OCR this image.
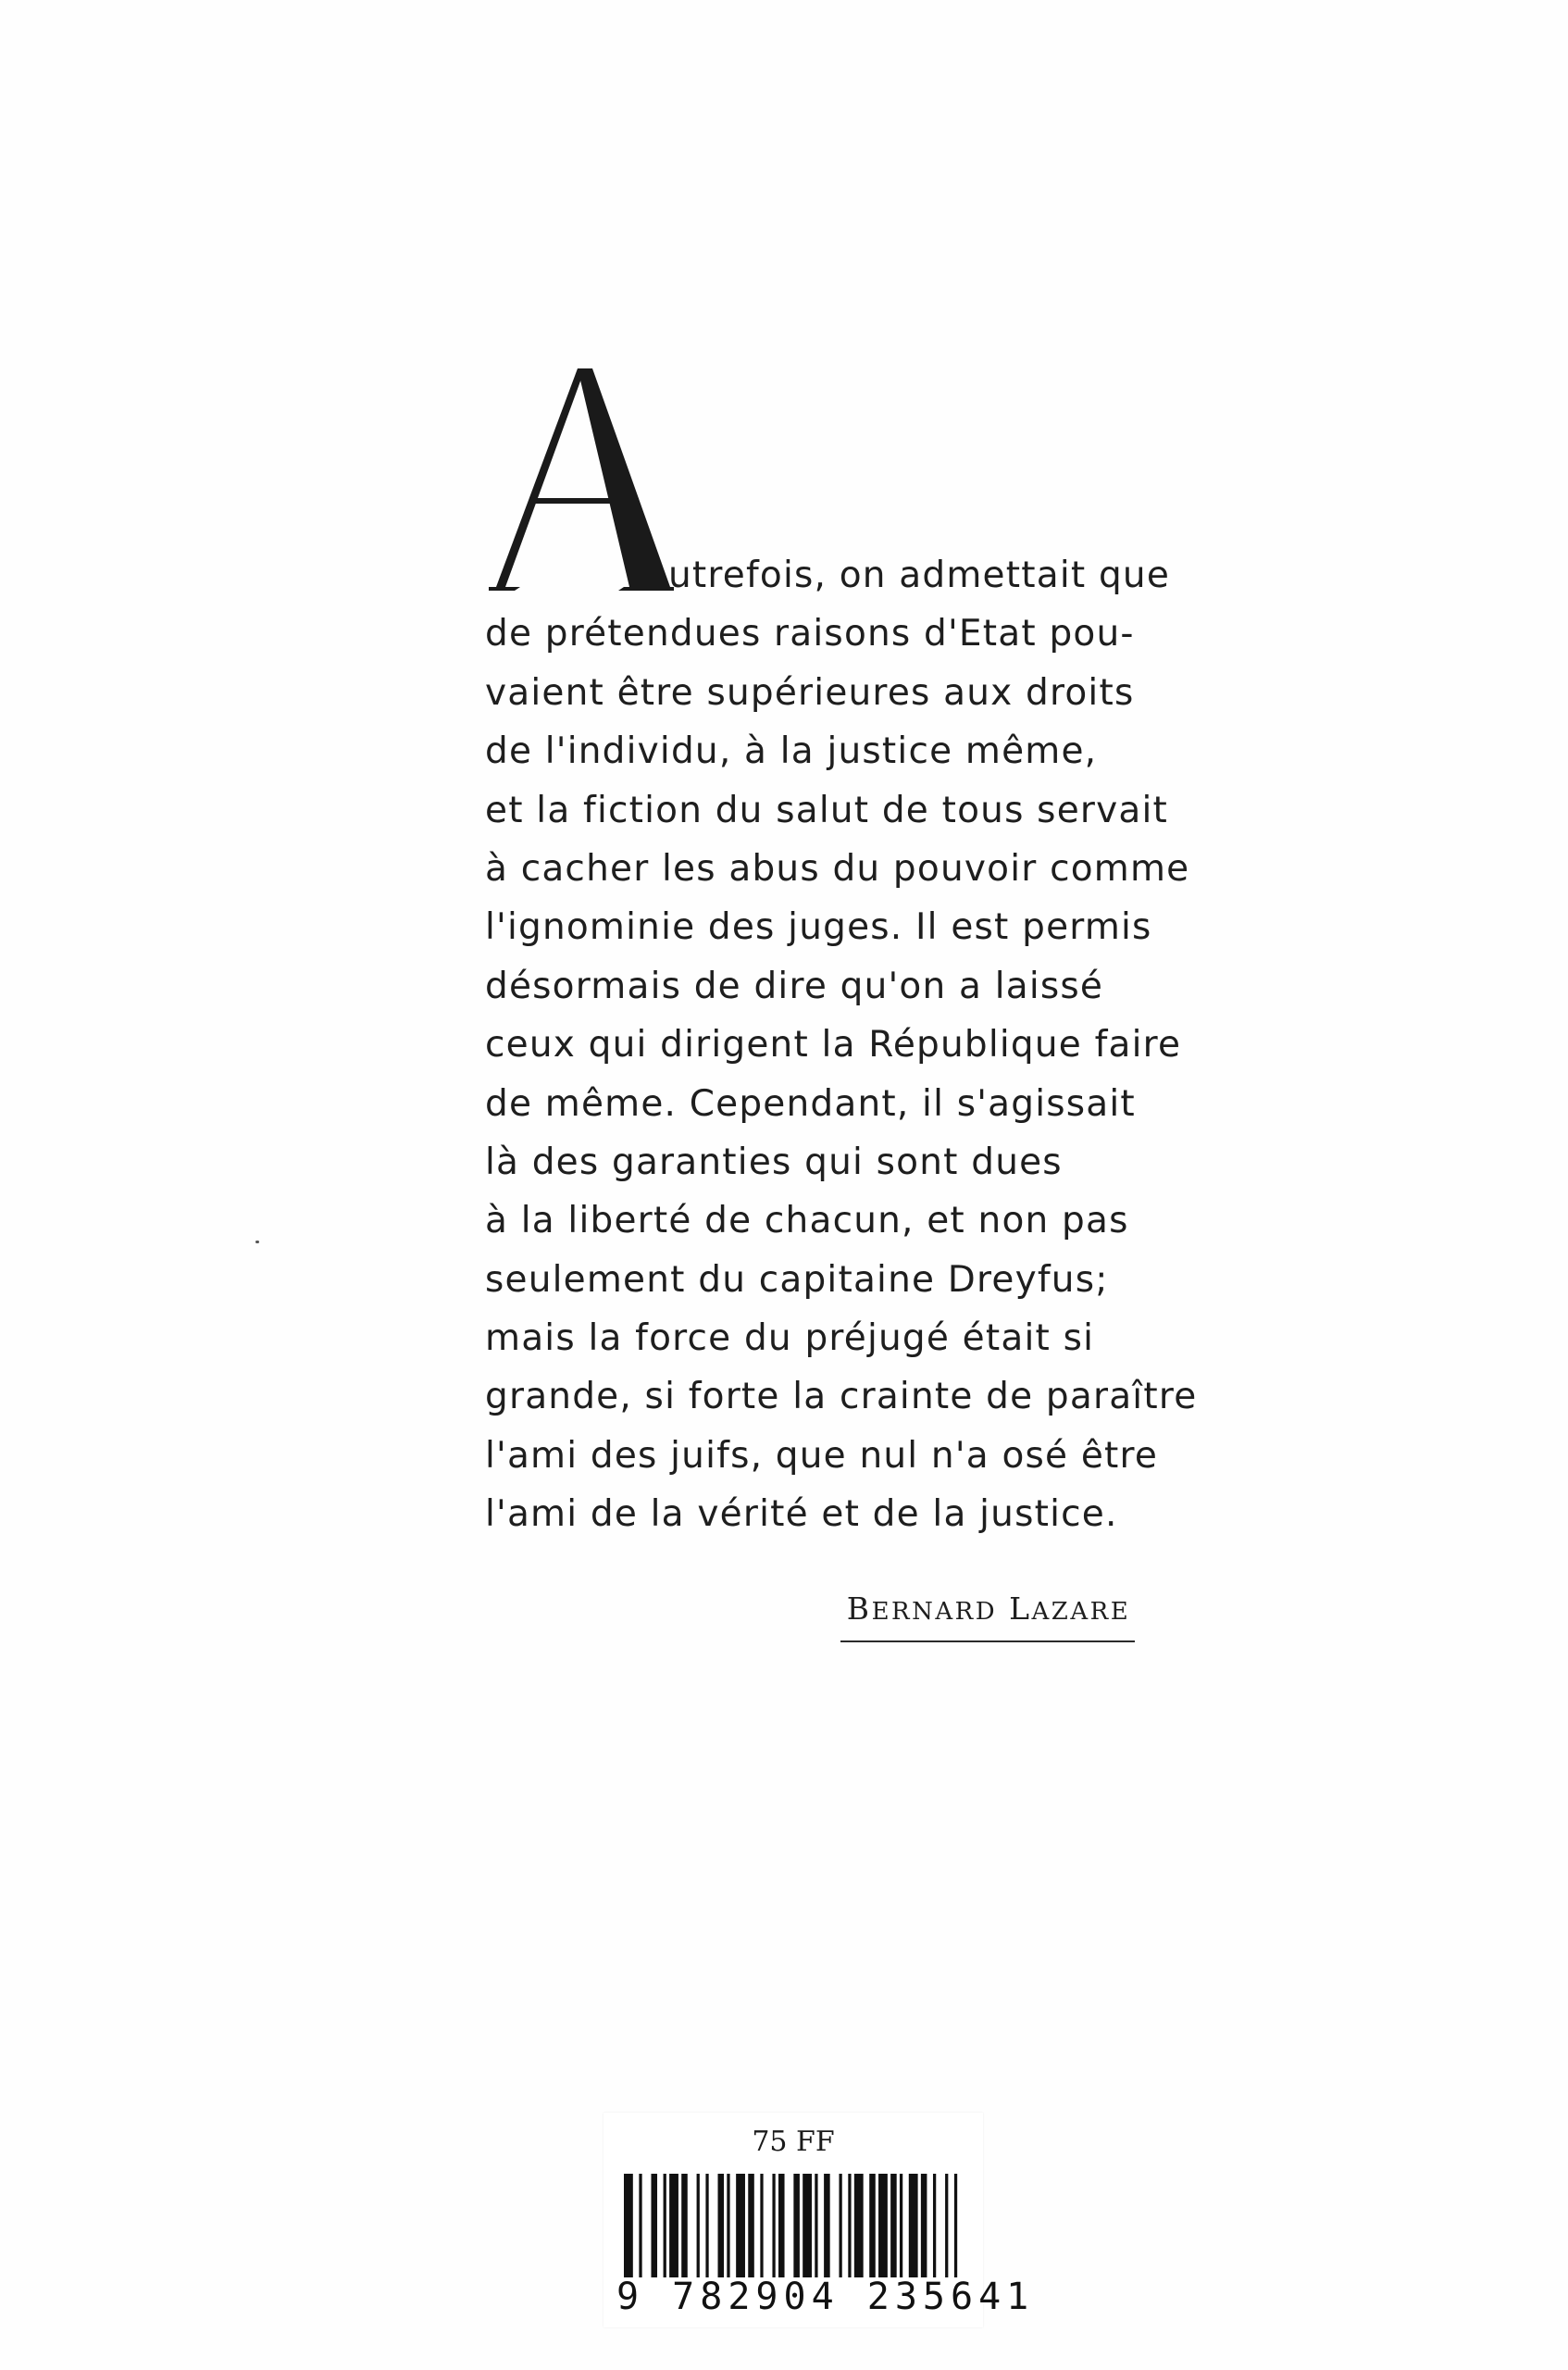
utrefois, on admettait que
de prétendues raisons d'Etat pou-
vaient être supérieures aux droits
de l'individu, à la justice même,
et la fiction du salut de tous servait
à cacher les abus du pouvoir comme
l'ignominie des juges. Il est permis
désormais de dire qu'on a laissé
ceux qui dirigent la République faire
de même. Cependant, il s'agissait
là des garanties qui sont dues
à la liberté de chacun, et non pas
seulement du capitaine Dreyfus;
mais la force du préjugé était si
grande, si forte la crainte de paraître
l'ami des juifs, que nul n'a osé être
l'ami de la vérité et de la justice.
BERNARD LAZARE
75 FF
9 782904 235641
